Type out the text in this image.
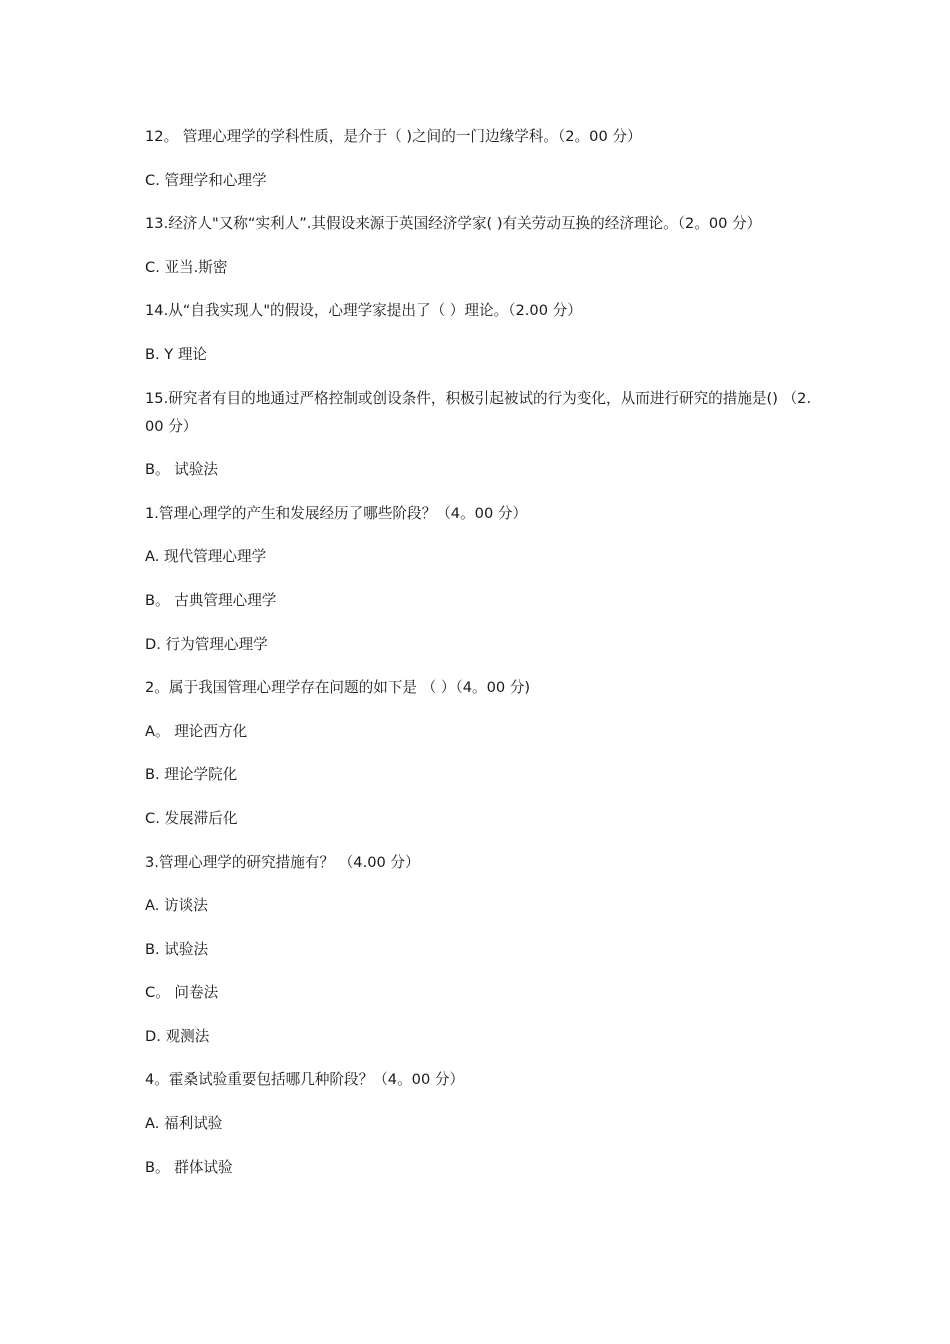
12。 管理心理学的学科性质，是介于（ )之间的一门边缘学科。（2。00 分）

C. 管理学和心理学

13.经济人"又称“实利人”.其假设来源于英国经济学家( )有关劳动互换的经济理论。（2。00 分）

C. 亚当.斯密

14.从“自我实现人"的假设，心理学家提出了（ ）理论。（2.00 分）

B. Y 理论

15.研究者有目的地通过严格控制或创设条件，积极引起被试的行为变化，从而进行研究的措施是() （2.00 分）

B。 试验法

1.管理心理学的产生和发展经历了哪些阶段？（4。00 分）

A. 现代管理心理学

B。 古典管理心理学

D. 行为管理心理学

2。属于我国管理心理学存在问题的如下是 （ ）（4。00 分)

A。 理论西方化

B. 理论学院化

C. 发展滞后化

3.管理心理学的研究措施有？ （4.00 分）

A. 访谈法

B. 试验法

C。 问卷法

D. 观测法

4。霍桑试验重要包括哪几种阶段？（4。00 分）

A. 福利试验

B。 群体试验
